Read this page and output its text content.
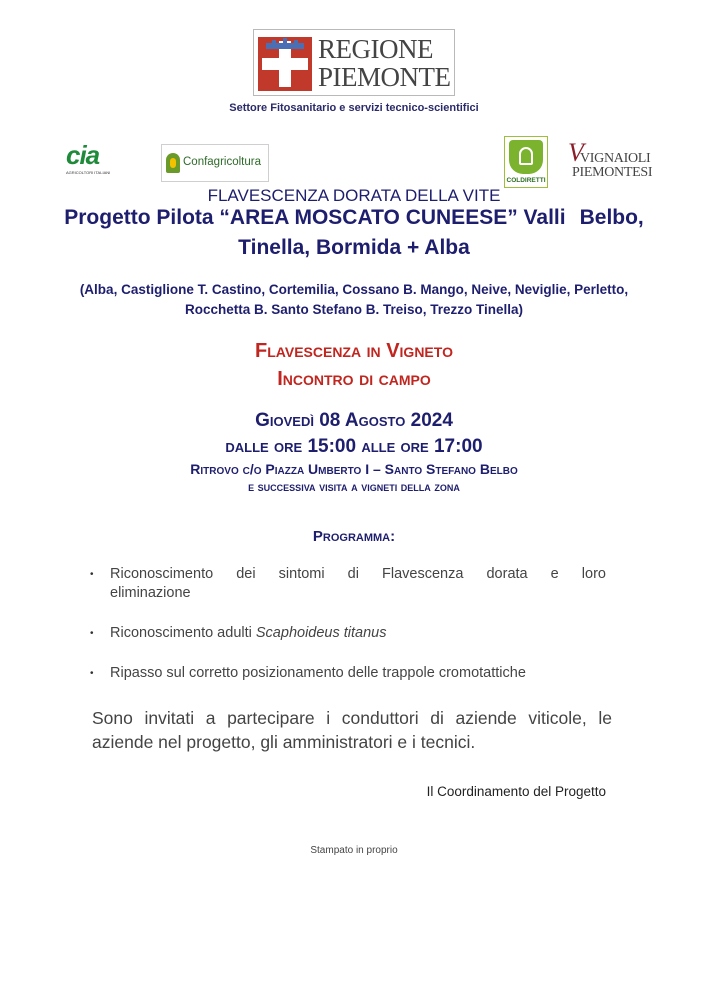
REGIONE
PIEMONTE
Settore Fitosanitario e servizi tecnico-scientifici
cia
AGRICOLTORI ITALIANI
Confagricoltura
COLDIRETTI
V
VIGNAIOLI
PIEMONTESI
FLAVESCENZA DORATA DELLA VITE
Progetto Pilota “AREA MOSCATO CUNEESE” Valli Belbo,
Tinella, Bormida + Alba
(Alba, Castiglione T. Castino, Cortemilia, Cossano B. Mango, Neive, Neviglie, Perletto,
Rocchetta B. Santo Stefano B. Treiso, Trezzo Tinella)
Flavescenza in Vigneto
Incontro di campo
Giovedì 08 Agosto 2024
dalle ore 15:00 alle ore 17:00
Ritrovo c/o Piazza Umberto I – Santo Stefano Belbo
e successiva visita a vigneti della zona
Programma:
• Riconoscimento dei sintomi di Flavescenza dorata e loro eliminazione
• Riconoscimento adulti Scaphoideus titanus
• Ripasso sul corretto posizionamento delle trappole cromotattiche
Sono invitati a partecipare i conduttori di aziende viticole, le aziende nel progetto, gli amministratori e i tecnici.
Il Coordinamento del Progetto
Stampato in proprio
